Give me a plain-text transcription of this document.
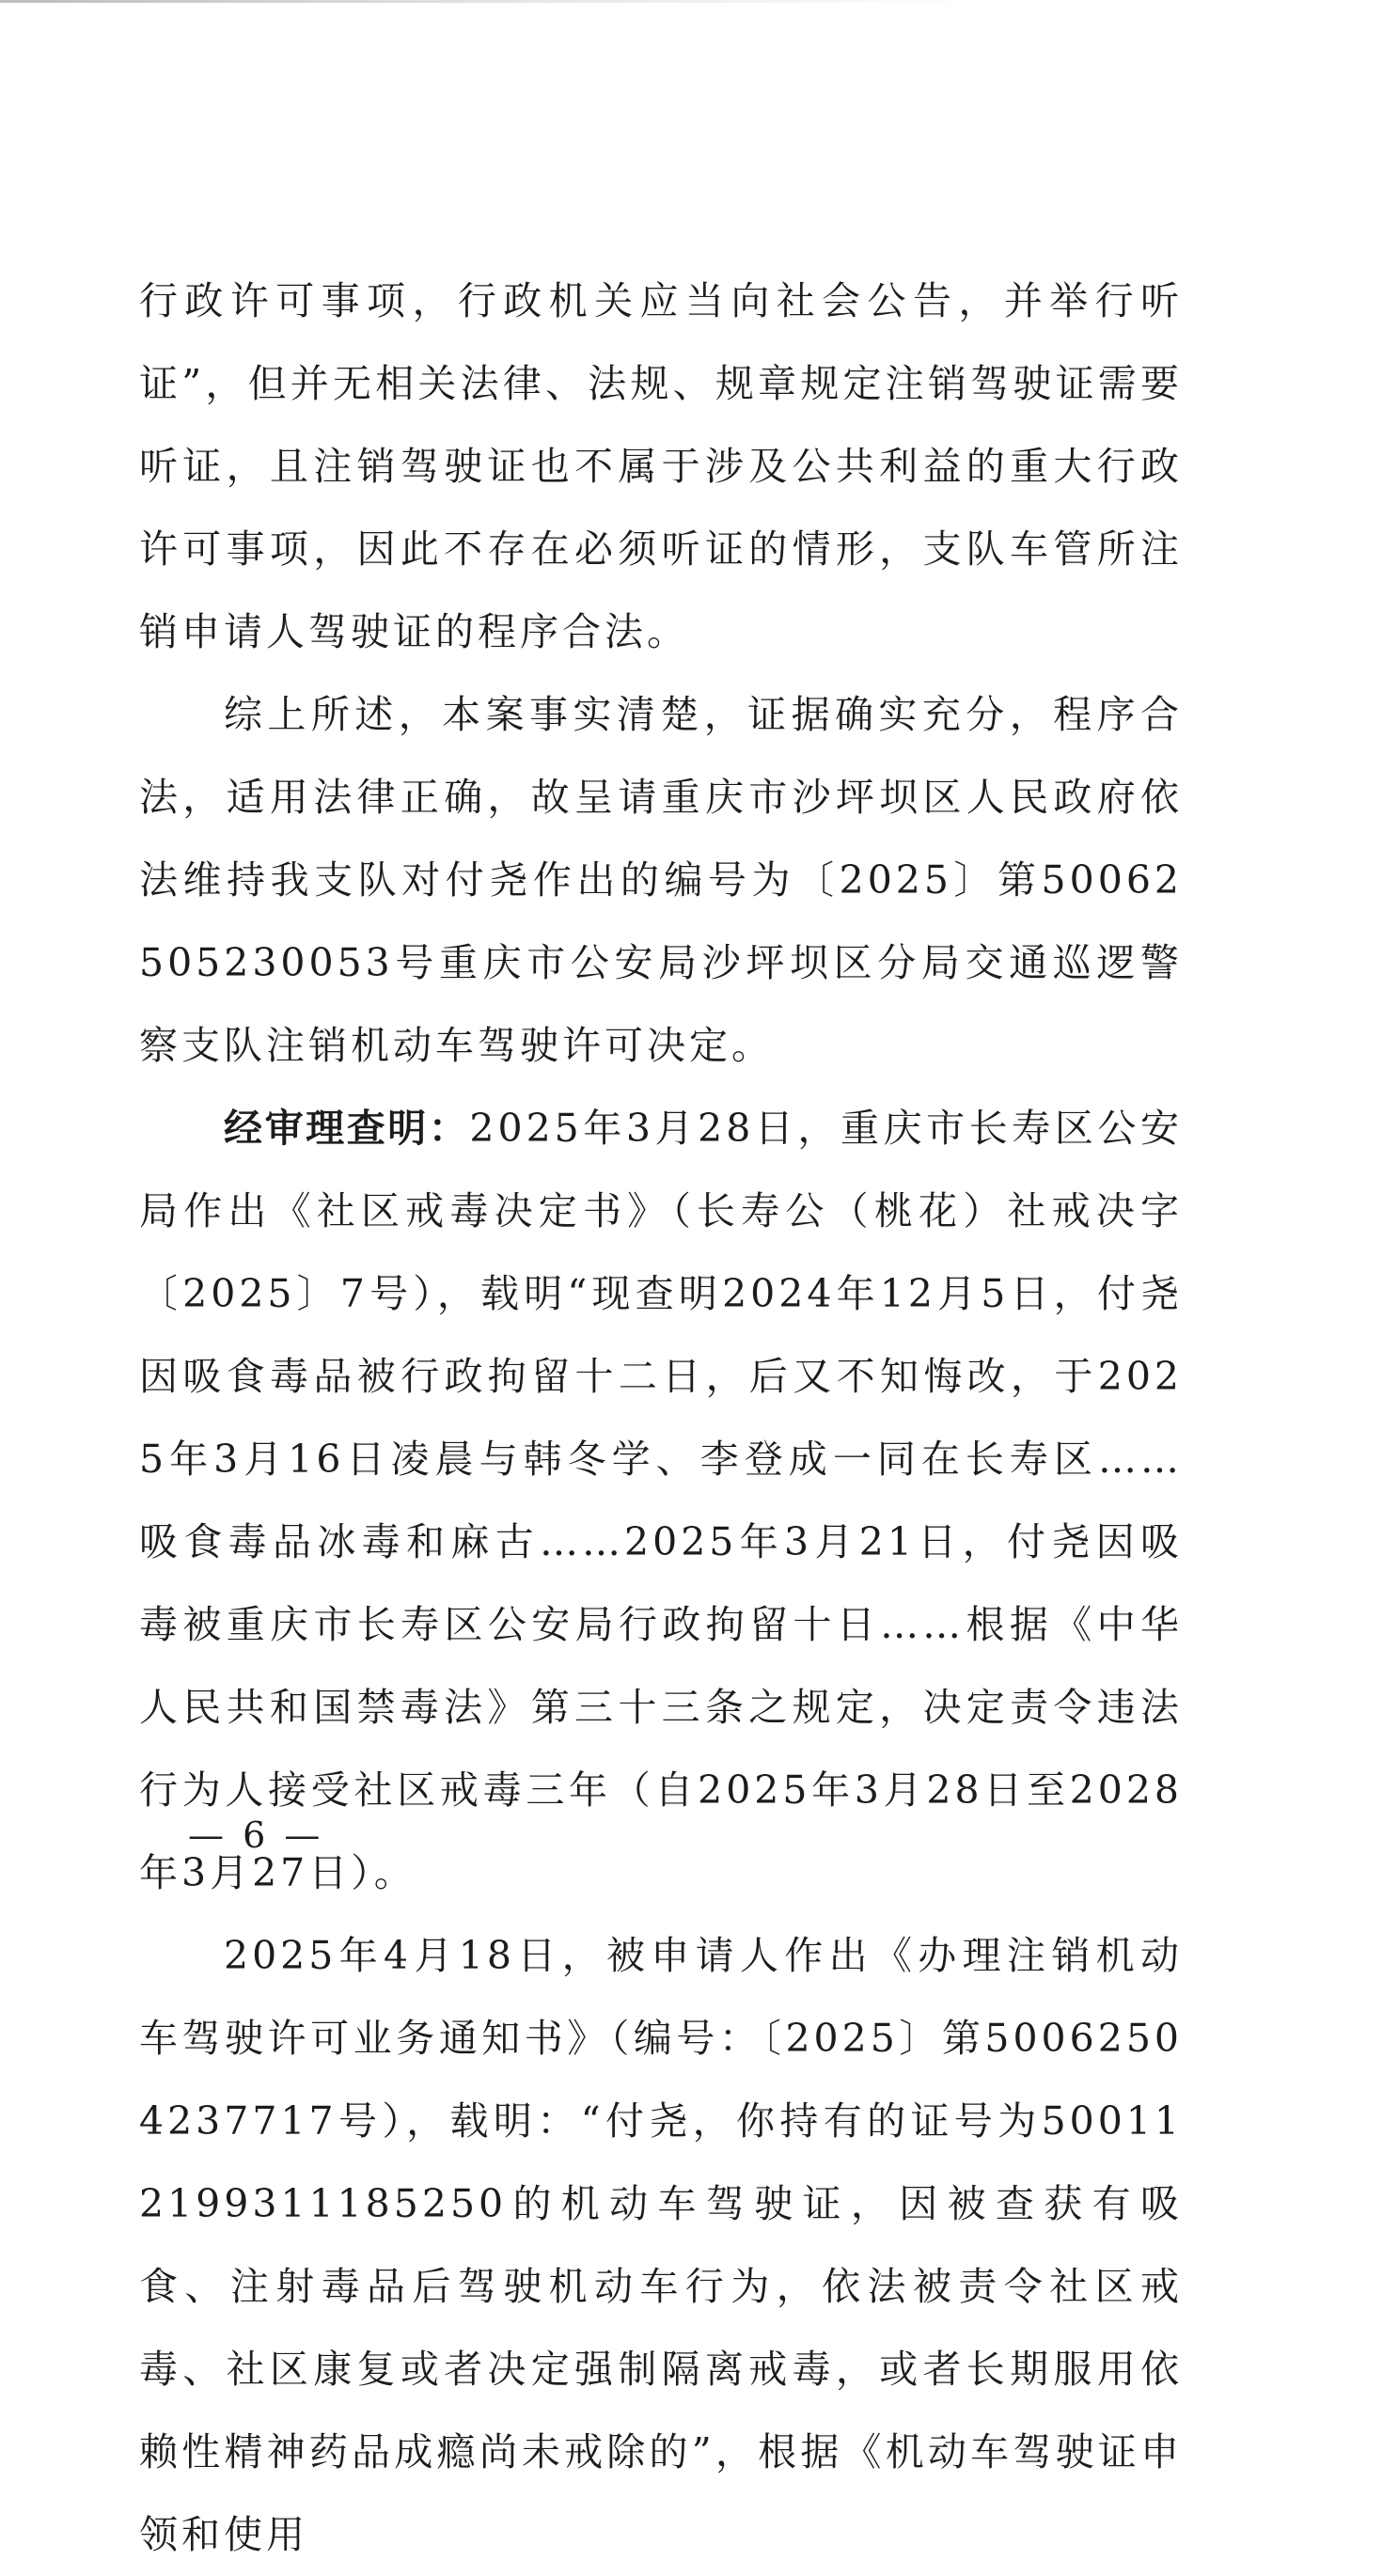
行政许可事项，行政机关应当向社会公告，并举行听证”，但并无相关法律、法规、规章规定注销驾驶证需要听证，且注销驾驶证也不属于涉及公共利益的重大行政许可事项，因此不存在必须听证的情形，支队车管所注销申请人驾驶证的程序合法。

综上所述，本案事实清楚，证据确实充分，程序合法，适用法律正确，故呈请重庆市沙坪坝区人民政府依法维持我支队对付尧作出的编号为〔2025〕第50062505230053号重庆市公安局沙坪坝区分局交通巡逻警察支队注销机动车驾驶许可决定。

经审理查明：2025年3月28日，重庆市长寿区公安局作出《社区戒毒决定书》（长寿公（桃花）社戒决字〔2025〕7号），载明“现查明2024年12月5日，付尧因吸食毒品被行政拘留十二日，后又不知悔改，于2025年3月16日凌晨与韩冬学、李登成一同在长寿区……吸食毒品冰毒和麻古……2025年3月21日，付尧因吸毒被重庆市长寿区公安局行政拘留十日……根据《中华人民共和国禁毒法》第三十三条之规定，决定责令违法行为人接受社区戒毒三年（自2025年3月28日至2028年3月27日）。

2025年4月18日，被申请人作出《办理注销机动车驾驶许可业务通知书》（编号：〔2025〕第50062504237717号），载明：“付尧，你持有的证号为500112199311185250的机动车驾驶证，因被查获有吸食、注射毒品后驾驶机动车行为，依法被责令社区戒毒、社区康复或者决定强制隔离戒毒，或者长期服用依赖性精神药品成瘾尚未戒除的”，根据《机动车驾驶证申领和使用

— 6 —
